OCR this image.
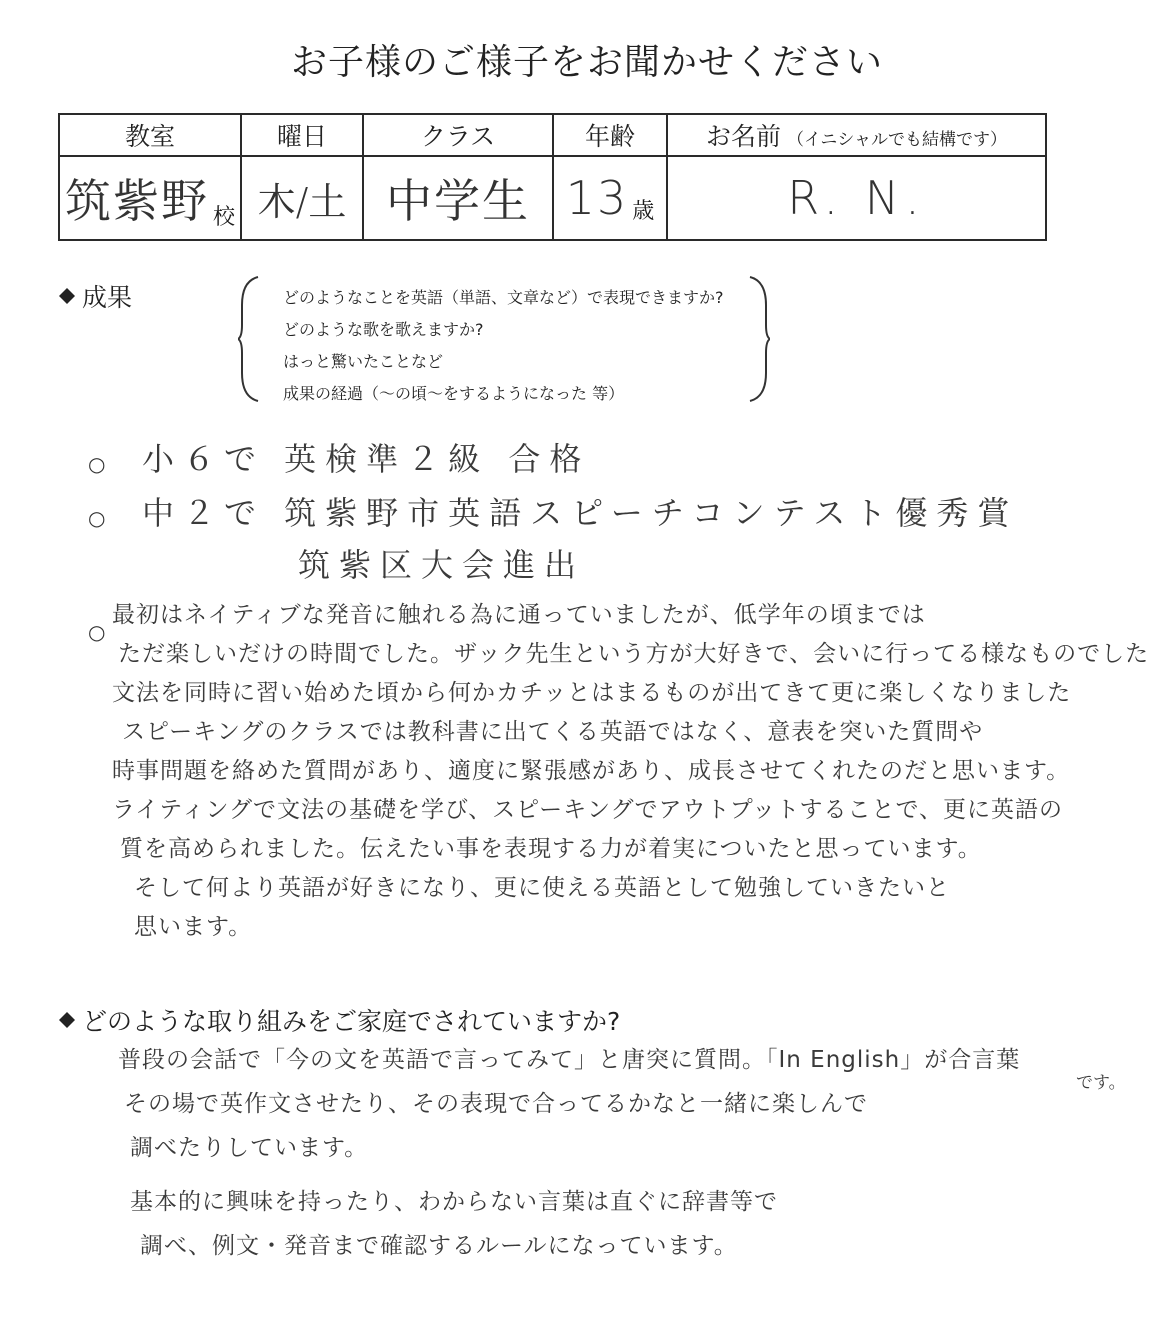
お子様のご様子をお聞かせください
教室	曜日	クラス	年齢	お名前 （イニシャルでも結構です）
筑紫野 校	木/土	中学生	13 歳	R. N.
成果	どのようなことを英語（単語、文章など）で表現できますか?
どのような歌を歌えますか?
はっと驚いたことなど
成果の経過（～の頃～をするようになった 等）
○ 小６で 英検準２級 合格
○ 中２で 筑紫野市英語スピーチコンテスト優秀賞
筑紫区大会進出
○
最初はネイティブな発音に触れる為に通っていましたが、低学年の頃までは
ただ楽しいだけの時間でした。ザック先生という方が大好きで、会いに行ってる様なものでした
文法を同時に習い始めた頃から何かカチッとはまるものが出てきて更に楽しくなりました
スピーキングのクラスでは教科書に出てくる英語ではなく、意表を突いた質問や
時事問題を絡めた質問があり、適度に緊張感があり、成長させてくれたのだと思います。
ライティングで文法の基礎を学び、スピーキングでアウトプットすることで、更に英語の
質を高められました。伝えたい事を表現する力が着実についたと思っています。
そして何より英語が好きになり、更に使える英語として勉強していきたいと
思います。
どのような取り組みをご家庭でされていますか?
普段の会話で「今の文を英語で言ってみて」と唐突に質問。「In English」が合言葉
その場で英作文させたり、その表現で合ってるかなと一緒に楽しんで
調べたりしています。
基本的に興味を持ったり、わからない言葉は直ぐに辞書等で
調べ、例文・発音まで確認するルールになっています。
です。
